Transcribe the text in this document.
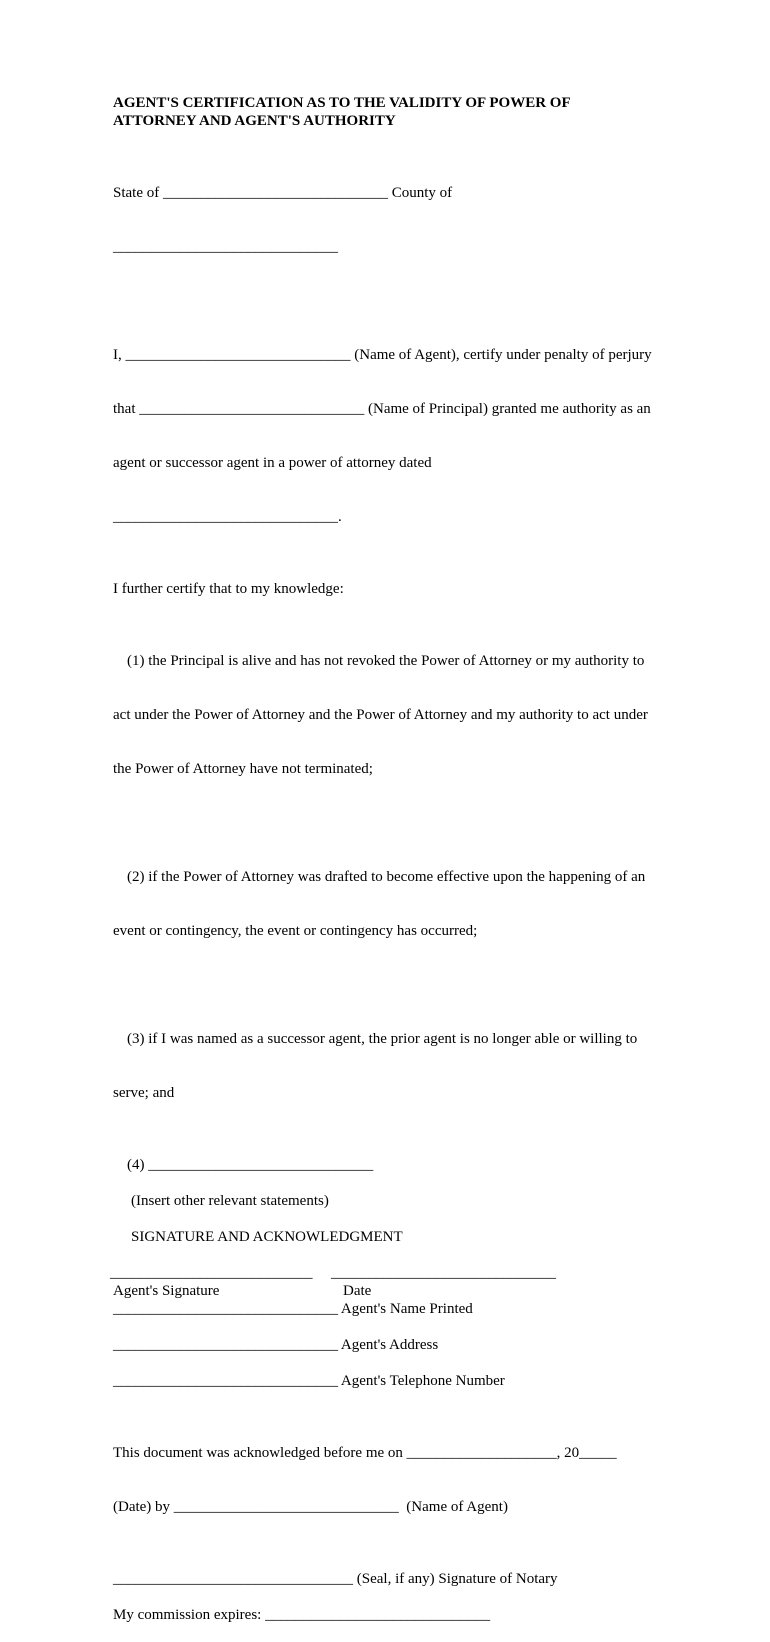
AGENT'S CERTIFICATION AS TO THE VALIDITY OF POWER OF
ATTORNEY AND AGENT'S AUTHORITY

State of ______________________________ County of

______________________________

I, ______________________________ (Name of Agent), certify under penalty of perjury

that ______________________________ (Name of Principal) granted me authority as an

agent or successor agent in a power of attorney dated

______________________________.

I further certify that to my knowledge:

(1) the Principal is alive and has not revoked the Power of Attorney or my authority to

act under the Power of Attorney and the Power of Attorney and my authority to act under

the Power of Attorney have not terminated;

(2) if the Power of Attorney was drafted to become effective upon the happening of an

event or contingency, the event or contingency has occurred;

(3) if I was named as a successor agent, the prior agent is no longer able or willing to

serve; and

(4) ______________________________
(Insert other relevant statements)
SIGNATURE AND ACKNOWLEDGMENT
___________________________ ______________________________
Agent's Signature	Date
______________________________ Agent's Name Printed
______________________________ Agent's Address
______________________________ Agent's Telephone Number

This document was acknowledged before me on ____________________, 20_____

(Date) by ______________________________  (Name of Agent)

________________________________ (Seal, if any) Signature of Notary
My commission expires: ______________________________
